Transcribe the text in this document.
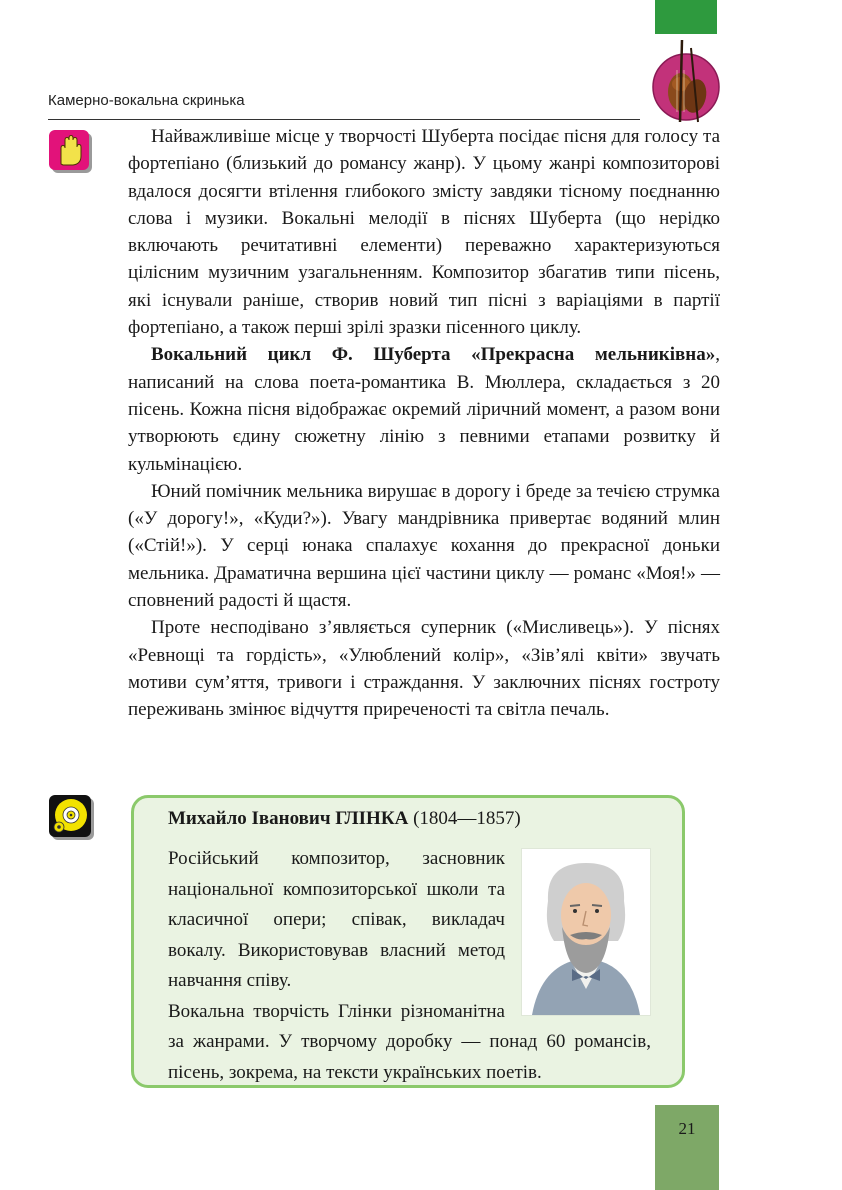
Камерно-вокальна скринька

Найважливіше місце у творчості Шуберта посідає пісня для голосу та фортепіано (близький до романсу жанр). У цьому жанрі композиторові вдалося досягти втілення глибокого змісту завдяки тісному поєднанню слова і музики. Вокальні мелодії в піснях Шуберта (що нерідко включають речитативні елементи) переважно характеризуються цілісним музичним узагальненням. Композитор збагатив типи пісень, які існували раніше, створив новий тип пісні з варіаціями в партії фортепіано, а також перші зрілі зразки пісенного циклу.

Вокальний цикл Ф. Шуберта «Прекрасна мельниківна», написаний на слова поета-романтика В. Мюллера, складається з 20 пісень. Кожна пісня відображає окремий ліричний момент, а разом вони утворюють єдину сюжетну лінію з певними етапами розвитку й кульмінацією.

Юний помічник мельника вирушає в дорогу і бреде за течією струмка («У дорогу!», «Куди?»). Увагу мандрівника привертає водяний млин («Стій!»). У серці юнака спалахує кохання до прекрасної доньки мельника. Драматична вершина цієї частини циклу — романс «Моя!» — сповнений радості й щастя.

Проте несподівано з’являється суперник («Мисливець»). У піснях «Ревнощі та гордість», «Улюблений колір», «Зів’ялі квіти» звучать мотиви сум’яття, тривоги і страждання. У заключних піснях гостроту переживань змінює відчуття приреченості та світла печаль.

Михайло Іванович ГЛІНКА (1804—1857)

Російський композитор, засновник національної композиторської школи та класичної опери; співак, викладач вокалу. Використовував власний метод навчання співу.

Вокальна творчість Глінки різноманітна за жанрами. У творчому доробку — понад 60 романсів, пісень, зокрема, на тексти українських поетів.

21
